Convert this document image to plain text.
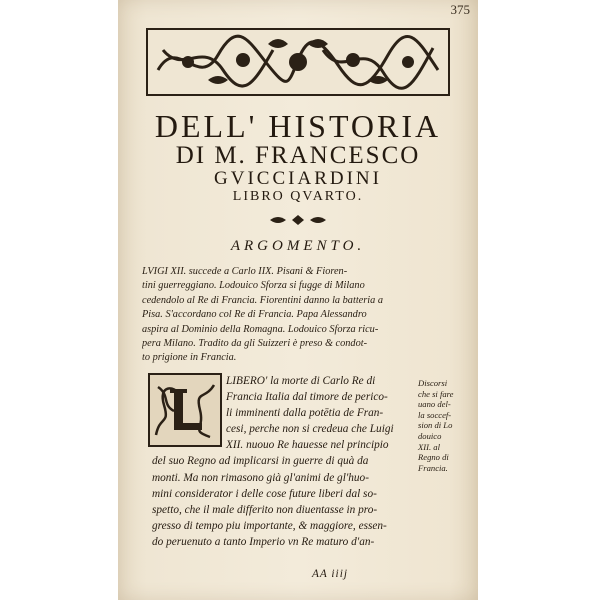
375
DELL' HISTORIA
DI M. FRANCESCO
GVICCIARDINI
LIBRO QVARTO.
ARGOMENTO.
LVIGI XII. succede a Carlo IIX. Pisani & Fioren-
tini guerreggiano. Lodouico Sforza si fugge di Milano
cedendolo al Re di Francia. Fiorentini danno la batteria a
Pisa. S'accordano col Re di Francia. Papa Alessandro
aspira al Dominio della Romagna. Lodouico Sforza ricu-
pera Milano. Tradito da gli Suizzeri è preso & condot-
to prigione in Francia.
LIBERO' la morte di Carlo Re di
Francia Italia dal timore de perico-
li imminenti dalla potētia de Fran-
cesi, perche non si credeua che Luigi
XII. nuouo Re hauesse nel principio
del suo Regno ad implicarsi in guerre di quà da
monti. Ma non rimasono già gl'animi de gl'huo-
mini considerator i delle cose future liberi dal so-
spetto, che il male differito non diuentasse in pro-
gresso di tempo piu importante, & maggiore, essen-
do peruenuto a tanto Imperio vn Re maturo d'an-
Discorsi
che si fare
uano del-
la soccef-
sion di Lo
douico
XII. al
Regno di
Francia.
AA iiij
